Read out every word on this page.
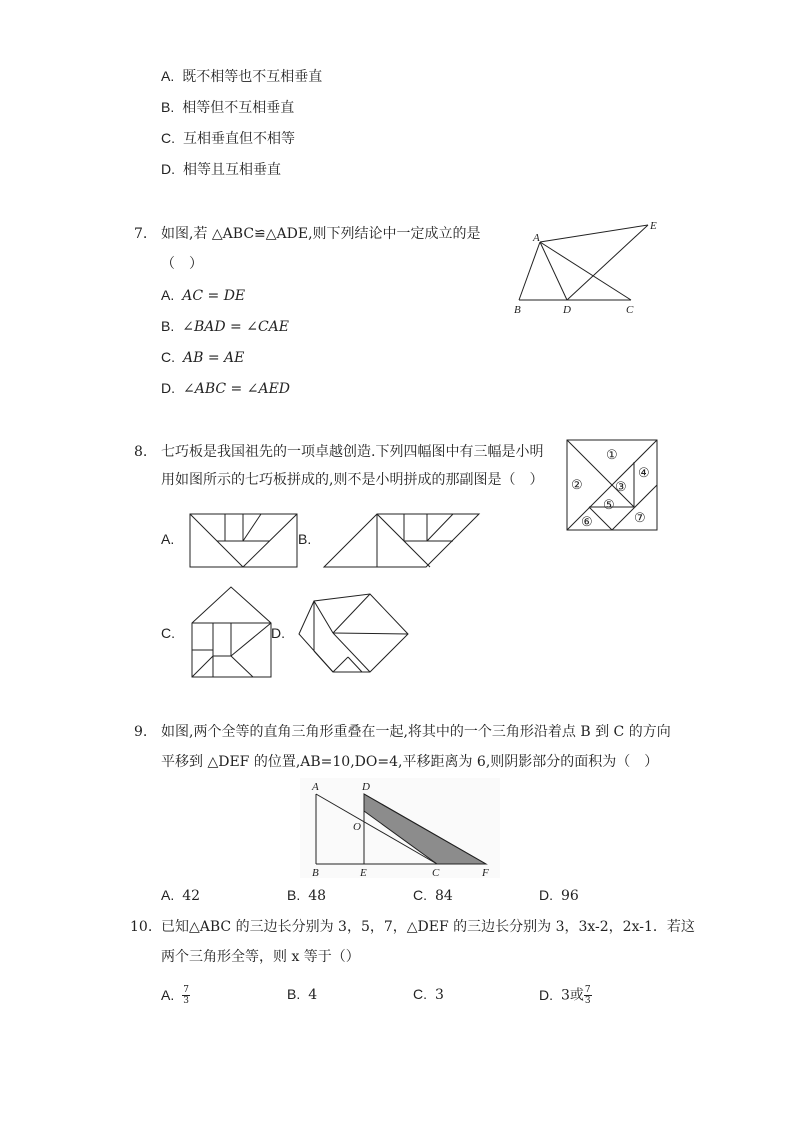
A. 既不相等也不互相垂直
B. 相等但不互相垂直
C. 互相垂直但不相等
D. 相等且互相垂直
7. 如图,若 △ABC≌△ADE,则下列结论中一定成立的是
（　）
A. AC = DE
B. ∠BAD = ∠CAE
C. AB = AE
D. ∠ABC = ∠AED
A
E
B	D	C
8. 七巧板是我国祖先的一项卓越创造.下列四幅图中有三幅是小明
用如图所示的七巧板拼成的,则不是小明拼成的那副图是（　）
①
② ③
④
⑤
⑥	⑦
A.	B.
C.	D.
9. 如图,两个全等的直角三角形重叠在一起,将其中的一个三角形沿着点 B 到 C 的方向
平移到 △DEF 的位置,AB=10,DO=4,平移距离为 6,则阴影部分的面积为（　）
A	D
O
B	E	C	F
A. 42	B. 48	C. 84	D. 96
10. 已知△ABC 的三边长分别为 3，5，7，△DEF 的三边长分别为 3，3x-2，2x-1．若这
两个三角形全等，则 x 等于（）
A. $\frac{7}{3}$	B. 4	C. 3	D. 3或 $\frac{7}{3}$
